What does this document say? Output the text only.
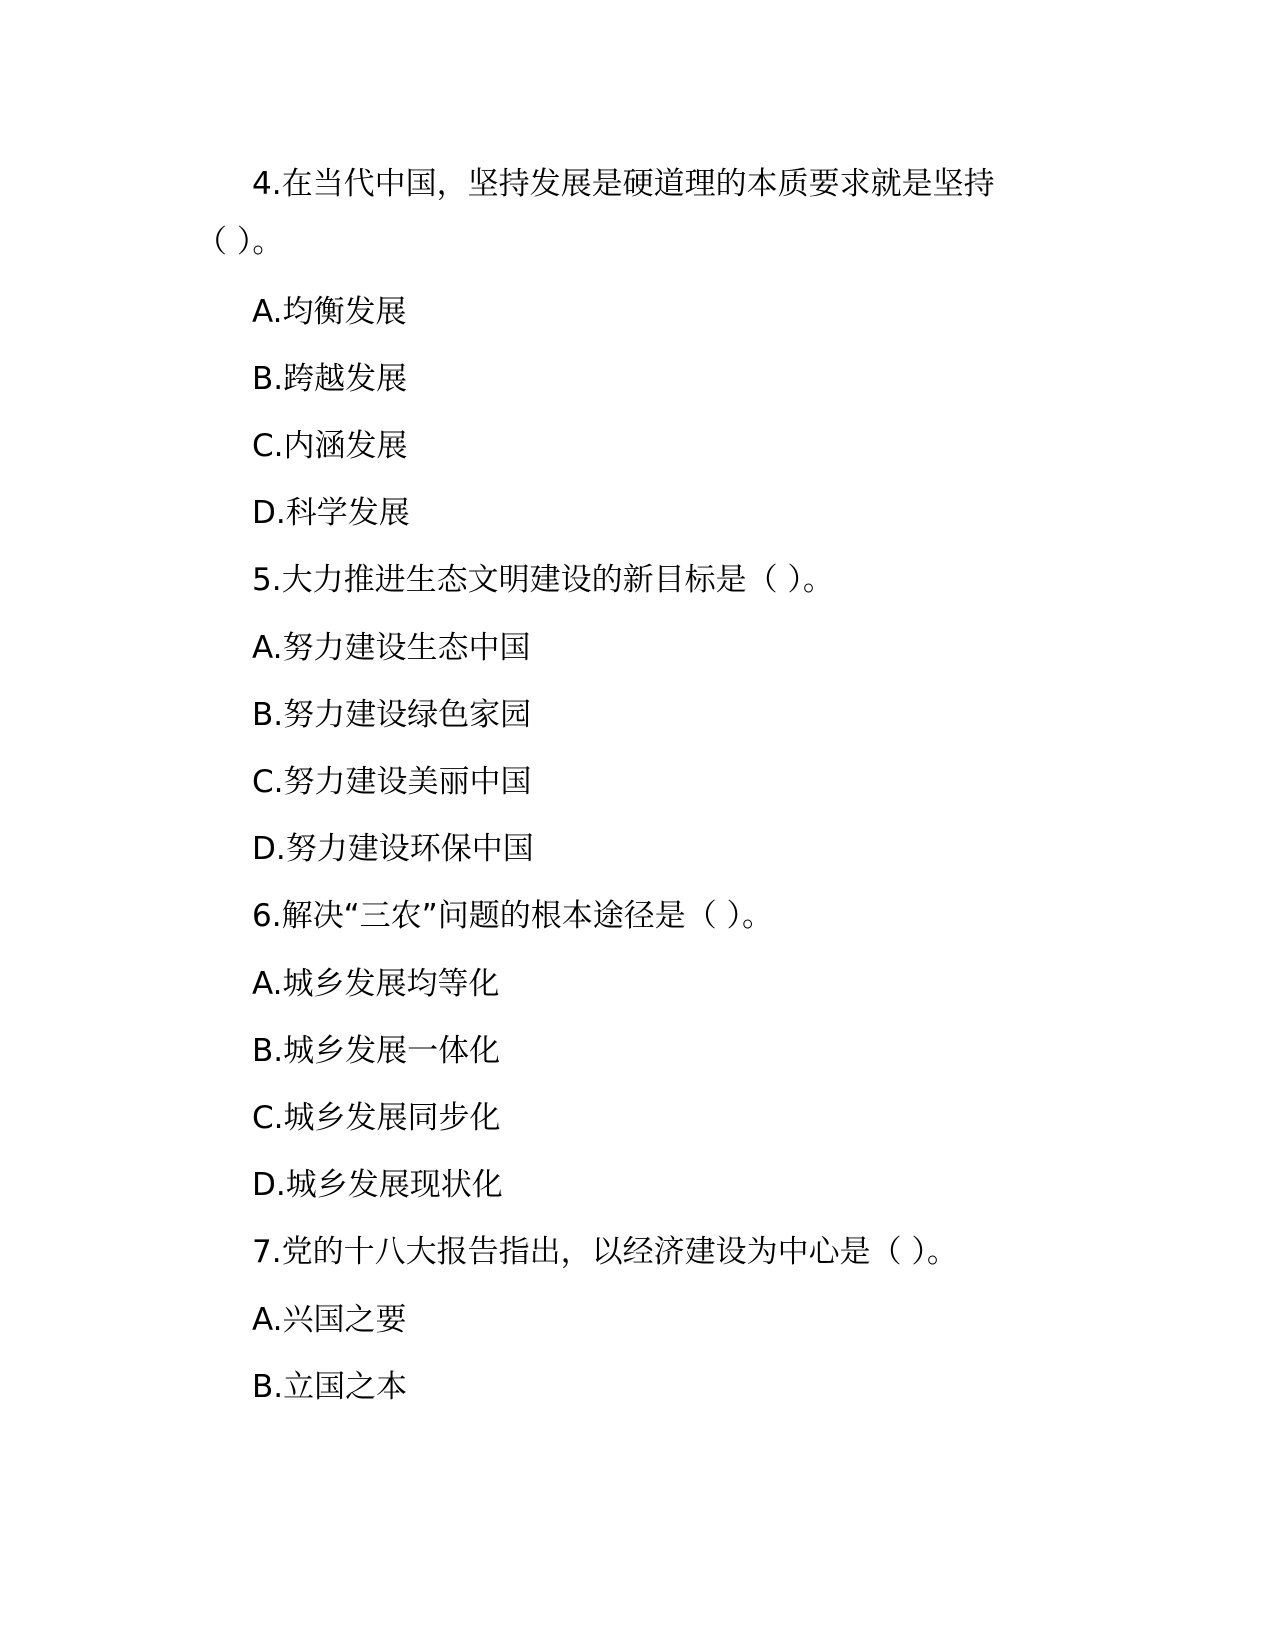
4.在当代中国，坚持发展是硬道理的本质要求就是坚持
（ ）。
A.均衡发展
B.跨越发展
C.内涵发展
D.科学发展
5.大力推进生态文明建设的新目标是（ ）。
A.努力建设生态中国
B.努力建设绿色家园
C.努力建设美丽中国
D.努力建设环保中国
6.解决“三农”问题的根本途径是（ ）。
A.城乡发展均等化
B.城乡发展一体化
C.城乡发展同步化
D.城乡发展现状化
7.党的十八大报告指出，以经济建设为中心是（ ）。
A.兴国之要
B.立国之本
